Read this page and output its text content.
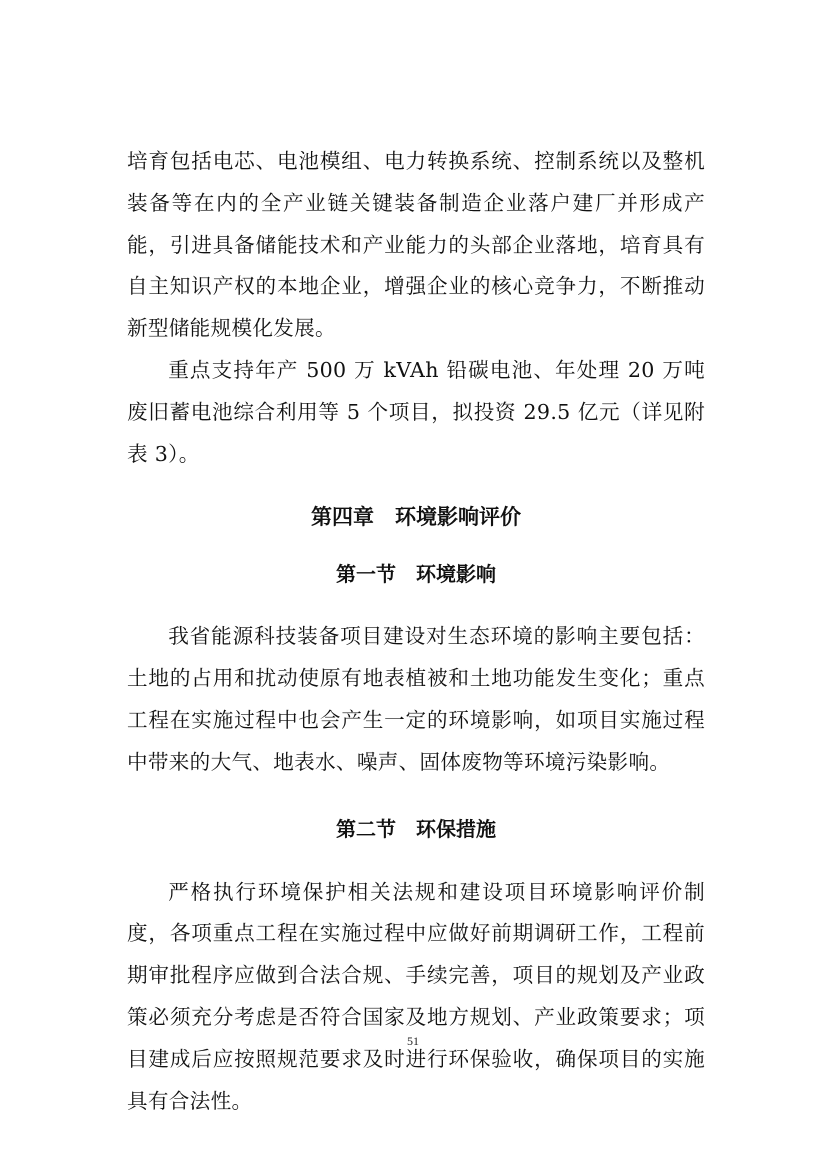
培育包括电芯、电池模组、电力转换系统、控制系统以及整机装备等在内的全产业链关键装备制造企业落户建厂并形成产能，引进具备储能技术和产业能力的头部企业落地，培育具有自主知识产权的本地企业，增强企业的核心竞争力，不断推动新型储能规模化发展。

重点支持年产 500 万 kVAh 铅碳电池、年处理 20 万吨废旧蓄电池综合利用等 5 个项目，拟投资 29.5 亿元（详见附表 3）。

第四章　环境影响评价
第一节　环境影响

我省能源科技装备项目建设对生态环境的影响主要包括：土地的占用和扰动使原有地表植被和土地功能发生变化；重点工程在实施过程中也会产生一定的环境影响，如项目实施过程中带来的大气、地表水、噪声、固体废物等环境污染影响。

第二节　环保措施

严格执行环境保护相关法规和建设项目环境影响评价制度，各项重点工程在实施过程中应做好前期调研工作，工程前期审批程序应做到合法合规、手续完善，项目的规划及产业政策必须充分考虑是否符合国家及地方规划、产业政策要求；项目建成后应按照规范要求及时进行环保验收，确保项目的实施具有合法性。

51
